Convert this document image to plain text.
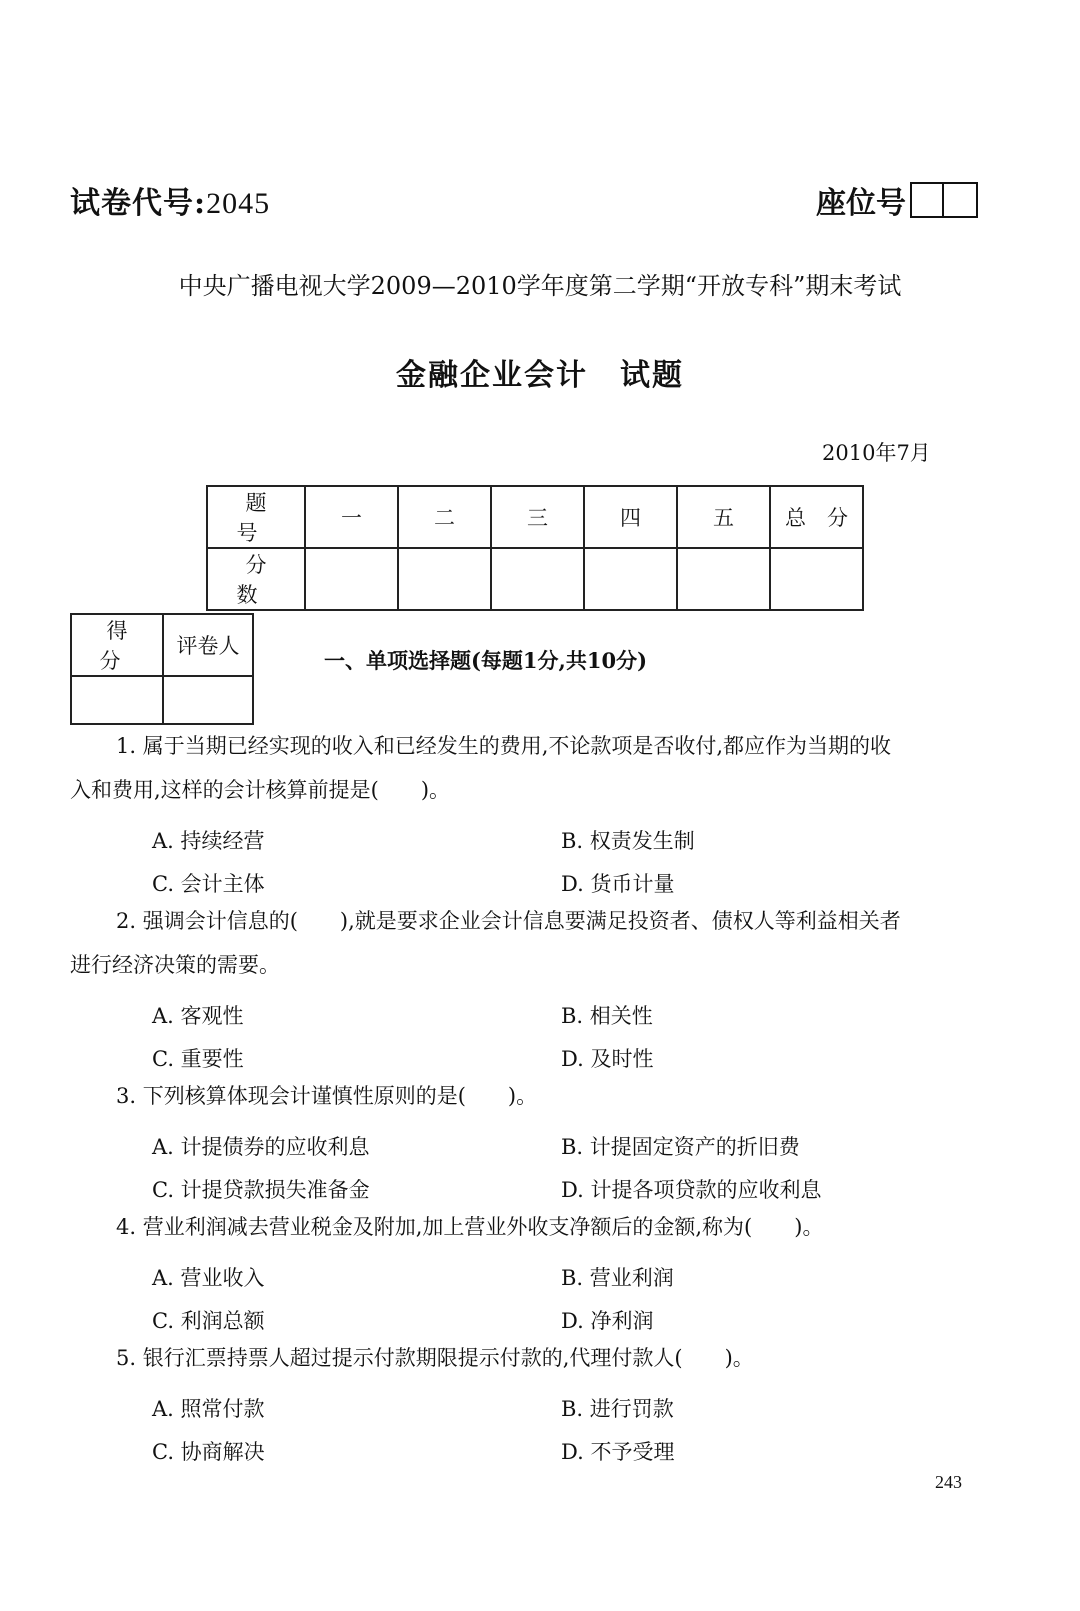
试卷代号:2045	座位号
中央广播电视大学2009—2010学年度第二学期“开放专科”期末考试
金融企业会计　试题
2010年7月
题　号	一	二	三	四	五	总　分
分　数						
得 分	评卷人

一、单项选择题(每题1分,共10分)
1. 属于当期已经实现的收入和已经发生的费用,不论款项是否收付,都应作为当期的收
入和费用,这样的会计核算前提是(　　)。
A. 持续经营	B. 权责发生制
C. 会计主体	D. 货币计量
2. 强调会计信息的(　　),就是要求企业会计信息要满足投资者、债权人等利益相关者
进行经济决策的需要。
A. 客观性	B. 相关性
C. 重要性	D. 及时性
3. 下列核算体现会计谨慎性原则的是(　　)。
A. 计提债券的应收利息	B. 计提固定资产的折旧费
C. 计提贷款损失准备金	D. 计提各项贷款的应收利息
4. 营业利润减去营业税金及附加,加上营业外收支净额后的金额,称为(　　)。
A. 营业收入	B. 营业利润
C. 利润总额	D. 净利润
5. 银行汇票持票人超过提示付款期限提示付款的,代理付款人(　　)。
A. 照常付款	B. 进行罚款
C. 协商解决	D. 不予受理
243
